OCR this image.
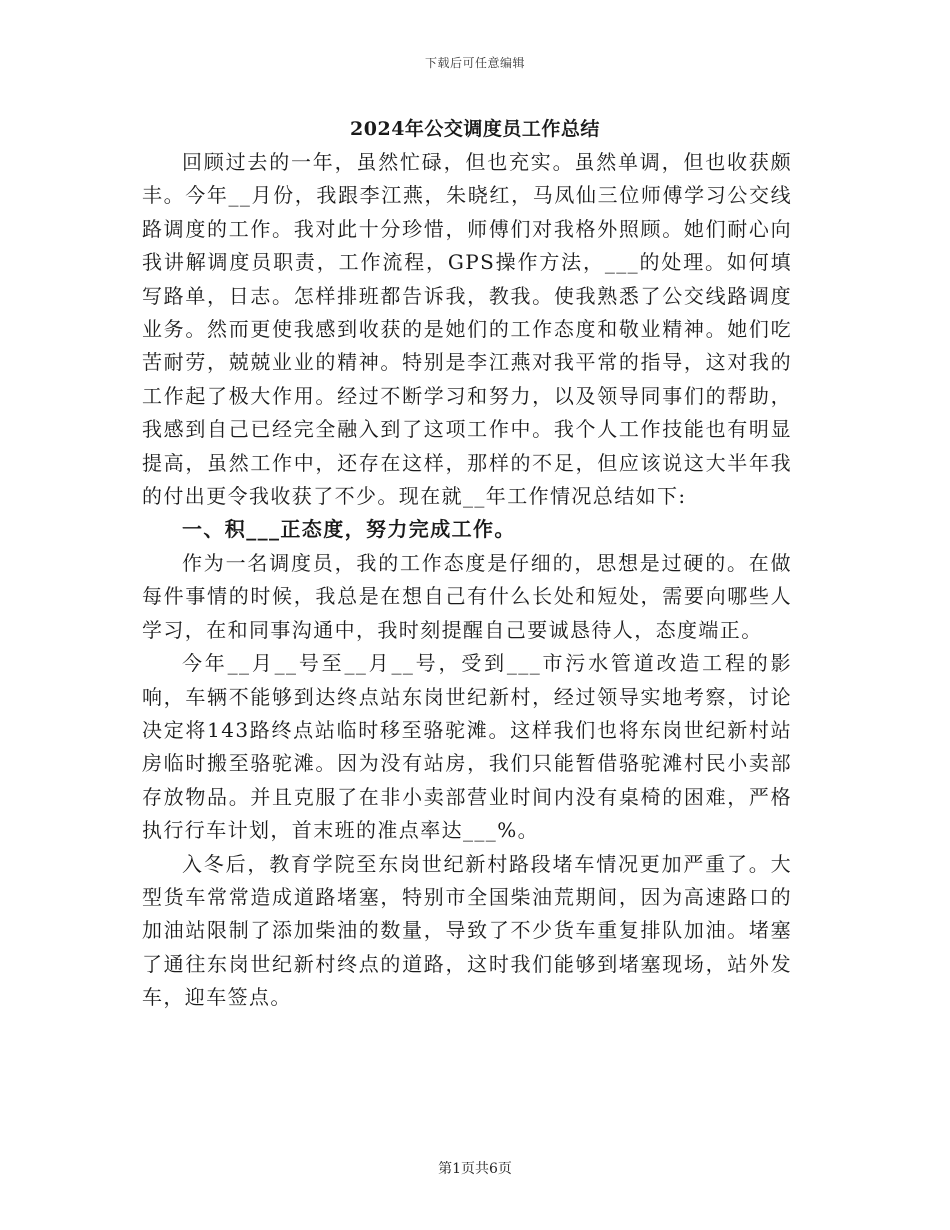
下载后可任意编辑
2024年公交调度员工作总结

回顾过去的一年，虽然忙碌，但也充实。虽然单调，但也收获颇丰。今年__月份，我跟李江燕，朱晓红，马凤仙三位师傅学习公交线路调度的工作。我对此十分珍惜，师傅们对我格外照顾。她们耐心向我讲解调度员职责，工作流程，GPS操作方法，___的处理。如何填写路单，日志。怎样排班都告诉我，教我。使我熟悉了公交线路调度业务。然而更使我感到收获的是她们的工作态度和敬业精神。她们吃苦耐劳，兢兢业业的精神。特别是李江燕对我平常的指导，这对我的工作起了极大作用。经过不断学习和努力，以及领导同事们的帮助，我感到自己已经完全融入到了这项工作中。我个人工作技能也有明显提高，虽然工作中，还存在这样，那样的不足，但应该说这大半年我的付出更令我收获了不少。现在就__年工作情况总结如下:

一、积___正态度，努力完成工作。

作为一名调度员，我的工作态度是仔细的，思想是过硬的。在做每件事情的时候，我总是在想自己有什么长处和短处，需要向哪些人学习，在和同事沟通中，我时刻提醒自己要诚恳待人，态度端正。

今年__月__号至__月__号，受到___市污水管道改造工程的影响，车辆不能够到达终点站东岗世纪新村，经过领导实地考察，讨论决定将143路终点站临时移至骆驼滩。这样我们也将东岗世纪新村站房临时搬至骆驼滩。因为没有站房，我们只能暂借骆驼滩村民小卖部存放物品。并且克服了在非小卖部营业时间内没有桌椅的困难，严格执行行车计划，首末班的准点率达___%。

入冬后，教育学院至东岗世纪新村路段堵车情况更加严重了。大型货车常常造成道路堵塞，特别市全国柴油荒期间，因为高速路口的加油站限制了添加柴油的数量，导致了不少货车重复排队加油。堵塞了通往东岗世纪新村终点的道路，这时我们能够到堵塞现场，站外发车，迎车签点。

第1页共6页
